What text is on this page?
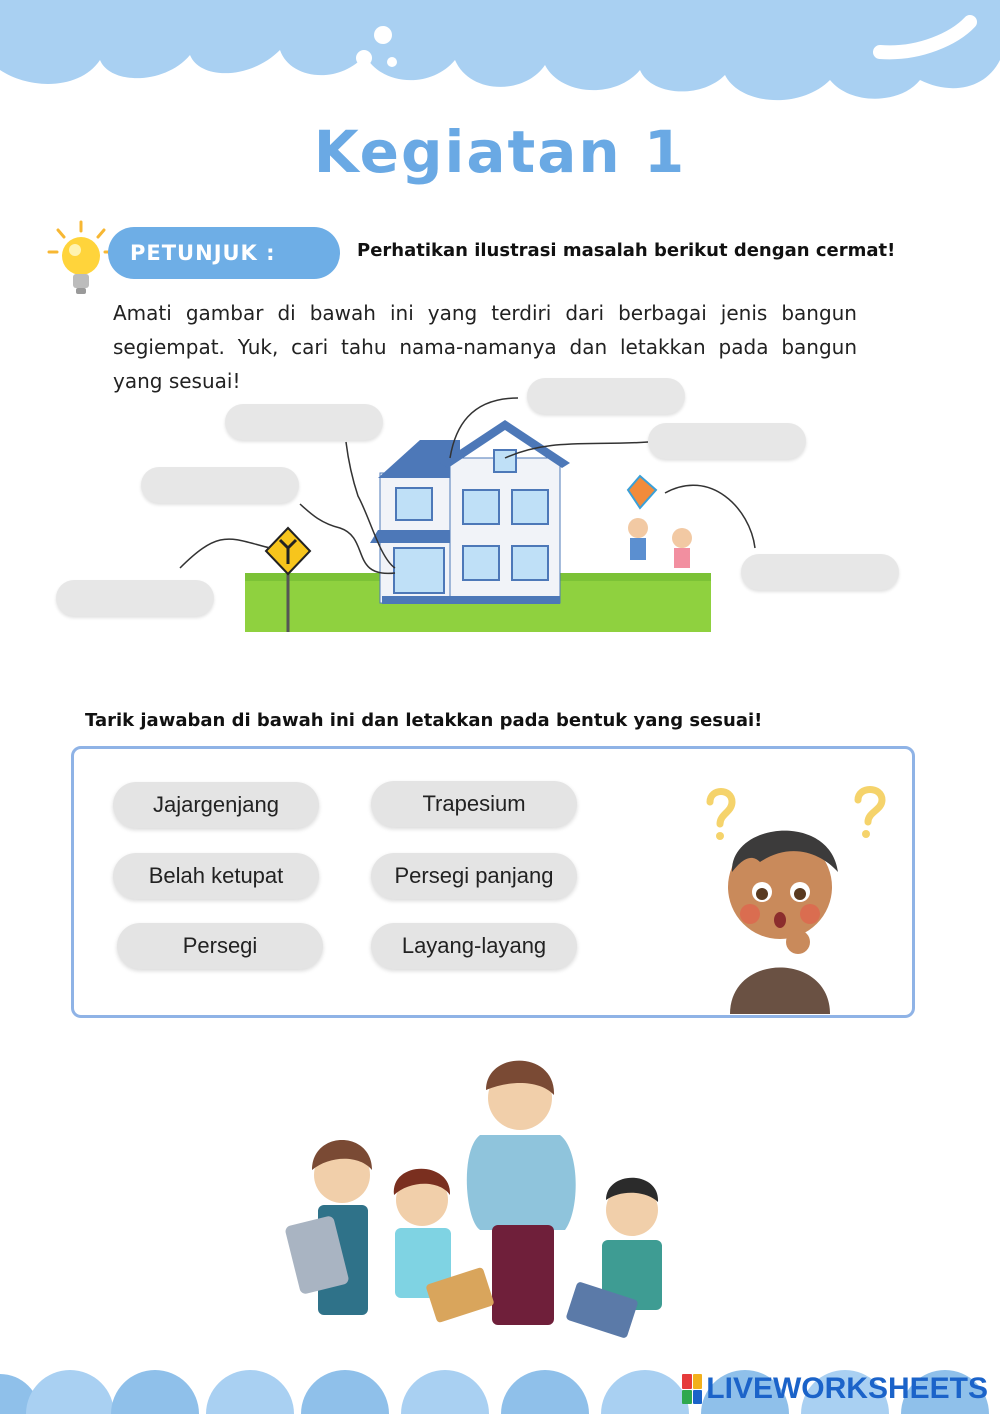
Kegiatan 1
PETUNJUK :	Perhatikan ilustrasi masalah berikut dengan cermat!
Amati gambar di bawah ini yang terdiri dari berbagai jenis bangun segiempat. Yuk, cari tahu nama-namanya dan letakkan pada bangun yang sesuai!
Tarik jawaban di bawah ini dan letakkan pada bentuk yang sesuai!
Jajargenjang	Trapesium
Belah ketupat	Persegi panjang
Persegi	Layang-layang
LIVEWORKSHEETS
